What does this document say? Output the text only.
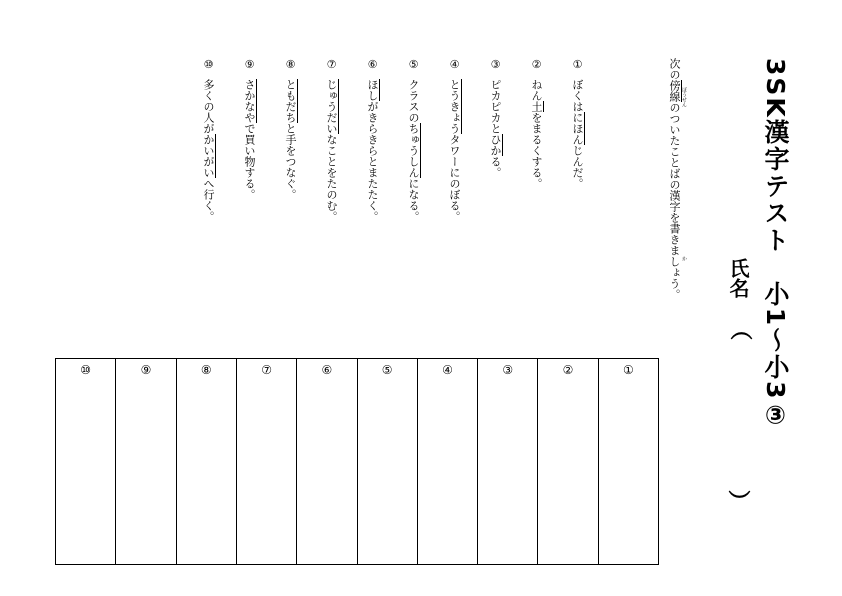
3SK漢字テスト　小1〜小3③
氏名
（
）
次の傍線のついたことばの漢字を書きましょう。
ぼうせん
か
①ぼくはにほんじんだ。
②ねん土をまるくする。
③ピカピカとひかる。
④とうきょうタワーにのぼる。
⑤クラスのちゅうしんになる。
⑥ほしがきらきらとまたたく。
⑦じゅうだいなことをたのむ。
⑧ともだちと手をつなぐ。
⑨さかなやで買い物する。
⑩多くの人がかいがいへ行く。
①
②
③
④
⑤
⑥
⑦
⑧
⑨
⑩
